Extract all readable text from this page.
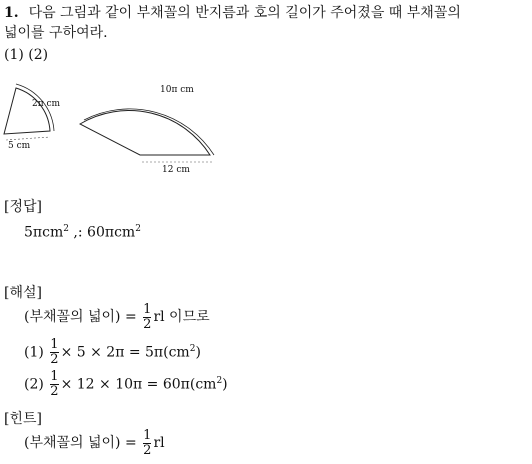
1. 다음 그림과 같이 부채꼴의 반지름과 호의 길이가 주어졌을 때 부채꼴의
넓이를 구하여라.
(1) (2)
2π cm
5 cm
10π cm
12 cm
[정답]
5πcm$^2$ ,: 60πcm$^2$
[해설]
(부채꼴의 넓이) = $\frac{1}{2}$ rl 이므로
$(1) \frac{1}{2} \times 5 \times 2\pi = 5\pi(cm^2)$
$(2) \frac{1}{2} \times 12 \times 10\pi = 60\pi(cm^2)$
[힌트]
(부채꼴의 넓이) = $\frac{1}{2}$ rl
